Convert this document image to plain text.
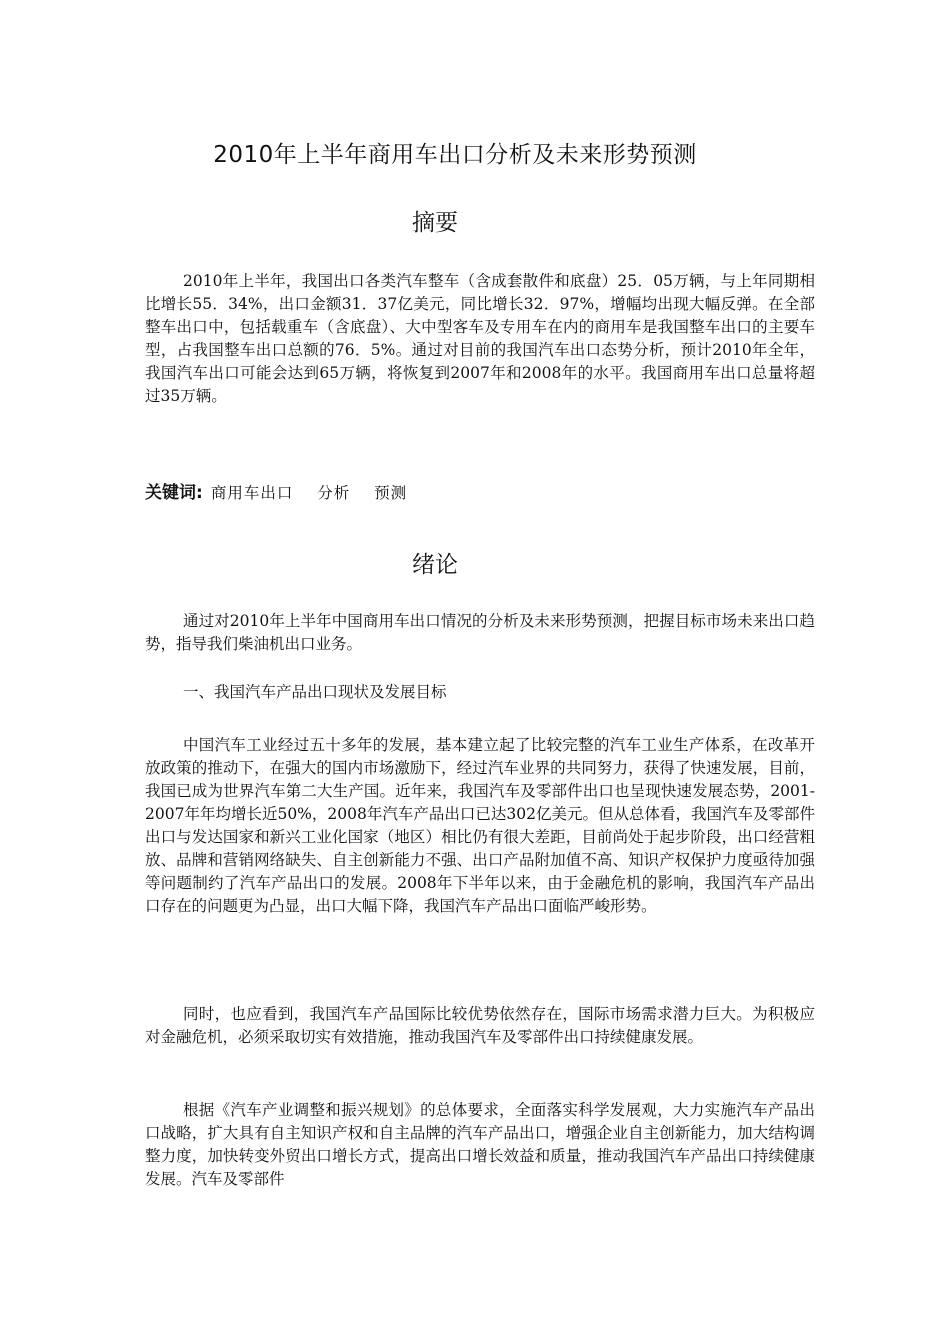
2010年上半年商用车出口分析及未来形势预测
摘要

2010年上半年，我国出口各类汽车整车（含成套散件和底盘）25．05万辆，与上年同期相比增长55．34%，出口金额31．37亿美元，同比增长32．97%，增幅均出现大幅反弹。在全部整车出口中，包括载重车（含底盘）、大中型客车及专用车在内的商用车是我国整车出口的主要车型，占我国整车出口总额的76．5%。通过对目前的我国汽车出口态势分析，预计2010年全年，我国汽车出口可能会达到65万辆，将恢复到2007年和2008年的水平。我国商用车出口总量将超过35万辆。

关键词: 商用车出口 分析 预测
绪论

通过对2010年上半年中国商用车出口情况的分析及未来形势预测，把握目标市场未来出口趋势，指导我们柴油机出口业务。

一、我国汽车产品出口现状及发展目标

中国汽车工业经过五十多年的发展，基本建立起了比较完整的汽车工业生产体系，在改革开放政策的推动下，在强大的国内市场激励下，经过汽车业界的共同努力，获得了快速发展，目前，我国已成为世界汽车第二大生产国。近年来，我国汽车及零部件出口也呈现快速发展态势，2001-2007年年均增长近50%，2008年汽车产品出口已达302亿美元。但从总体看，我国汽车及零部件出口与发达国家和新兴工业化国家（地区）相比仍有很大差距，目前尚处于起步阶段，出口经营粗放、品牌和营销网络缺失、自主创新能力不强、出口产品附加值不高、知识产权保护力度亟待加强等问题制约了汽车产品出口的发展。2008年下半年以来，由于金融危机的影响，我国汽车产品出口存在的问题更为凸显，出口大幅下降，我国汽车产品出口面临严峻形势。

同时，也应看到，我国汽车产品国际比较优势依然存在，国际市场需求潜力巨大。为积极应对金融危机，必须采取切实有效措施，推动我国汽车及零部件出口持续健康发展。

根据《汽车产业调整和振兴规划》的总体要求，全面落实科学发展观，大力实施汽车产品出口战略，扩大具有自主知识产权和自主品牌的汽车产品出口，增强企业自主创新能力，加大结构调整力度，加快转变外贸出口增长方式，提高出口增长效益和质量，推动我国汽车产品出口持续健康发展。汽车及零部件
